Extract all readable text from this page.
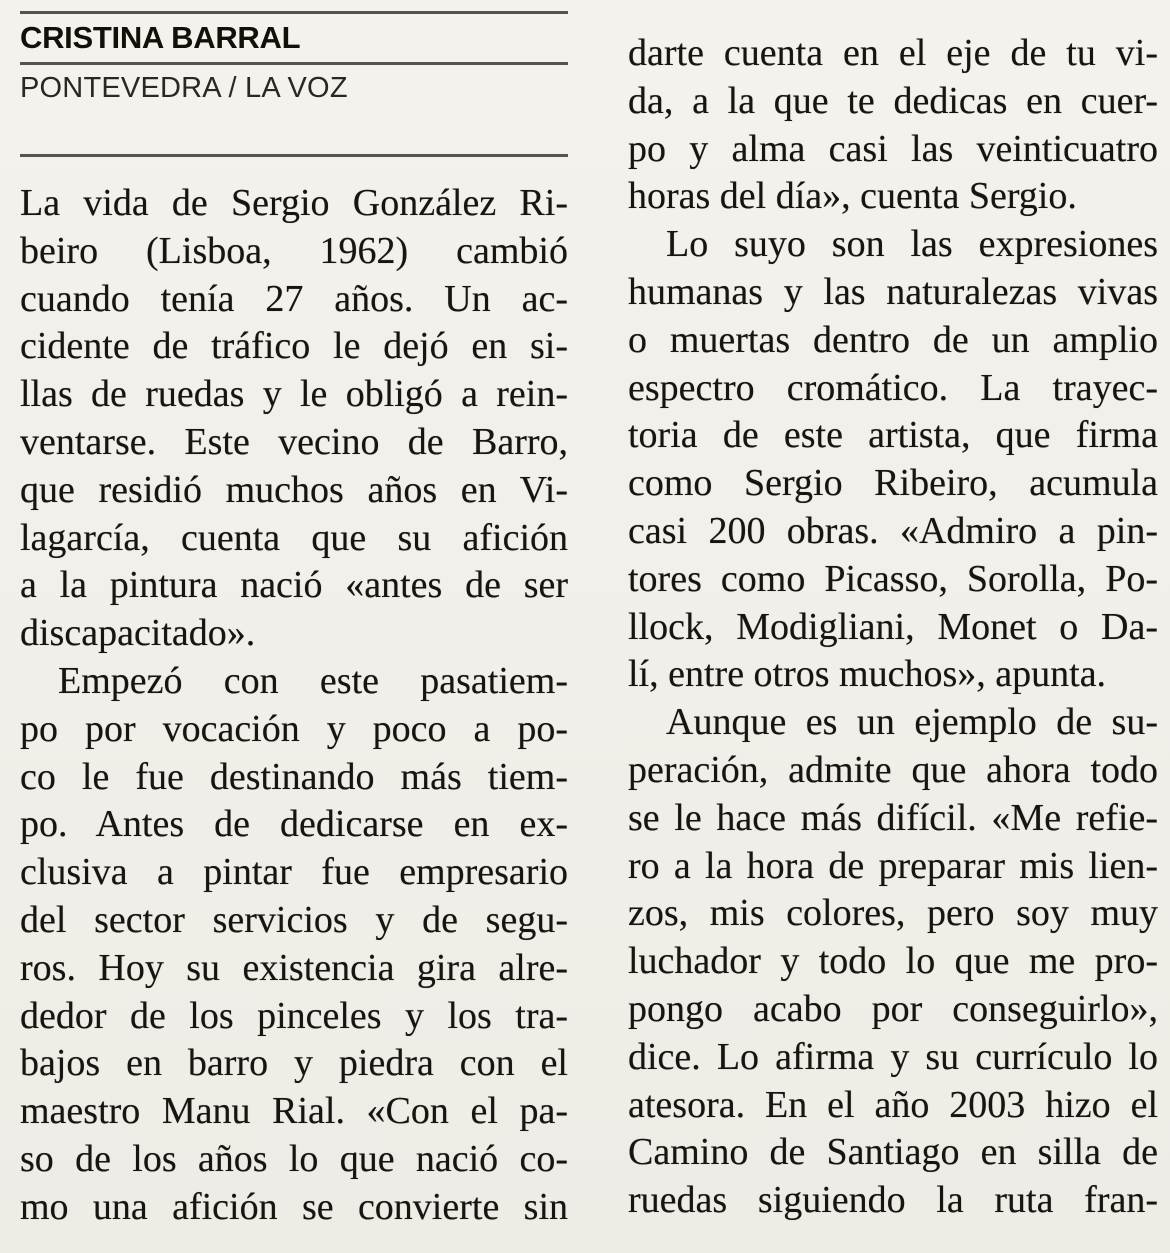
CRISTINA BARRAL
PONTEVEDRA / LA VOZ
La vida de Sergio González Ri-
beiro (Lisboa, 1962) cambió
cuando tenía 27 años. Un ac-
cidente de tráfico le dejó en si-
llas de ruedas y le obligó a rein-
ventarse. Este vecino de Barro,
que residió muchos años en Vi-
lagarcía, cuenta que su afición
a la pintura nació «antes de ser
discapacitado».
Empezó con este pasatiem-
po por vocación y poco a po-
co le fue destinando más tiem-
po. Antes de dedicarse en ex-
clusiva a pintar fue empresario
del sector servicios y de segu-
ros. Hoy su existencia gira alre-
dedor de los pinceles y los tra-
bajos en barro y piedra con el
maestro Manu Rial. «Con el pa-
so de los años lo que nació co-
mo una afición se convierte sin
darte cuenta en el eje de tu vi-
da, a la que te dedicas en cuer-
po y alma casi las veinticuatro
horas del día», cuenta Sergio.
Lo suyo son las expresiones
humanas y las naturalezas vivas
o muertas dentro de un amplio
espectro cromático. La trayec-
toria de este artista, que firma
como Sergio Ribeiro, acumula
casi 200 obras. «Admiro a pin-
tores como Picasso, Sorolla, Po-
llock, Modigliani, Monet o Da-
lí, entre otros muchos», apunta.
Aunque es un ejemplo de su-
peración, admite que ahora todo
se le hace más difícil. «Me refie-
ro a la hora de preparar mis lien-
zos, mis colores, pero soy muy
luchador y todo lo que me pro-
pongo acabo por conseguirlo»,
dice. Lo afirma y su currículo lo
atesora. En el año 2003 hizo el
Camino de Santiago en silla de
ruedas siguiendo la ruta fran-
